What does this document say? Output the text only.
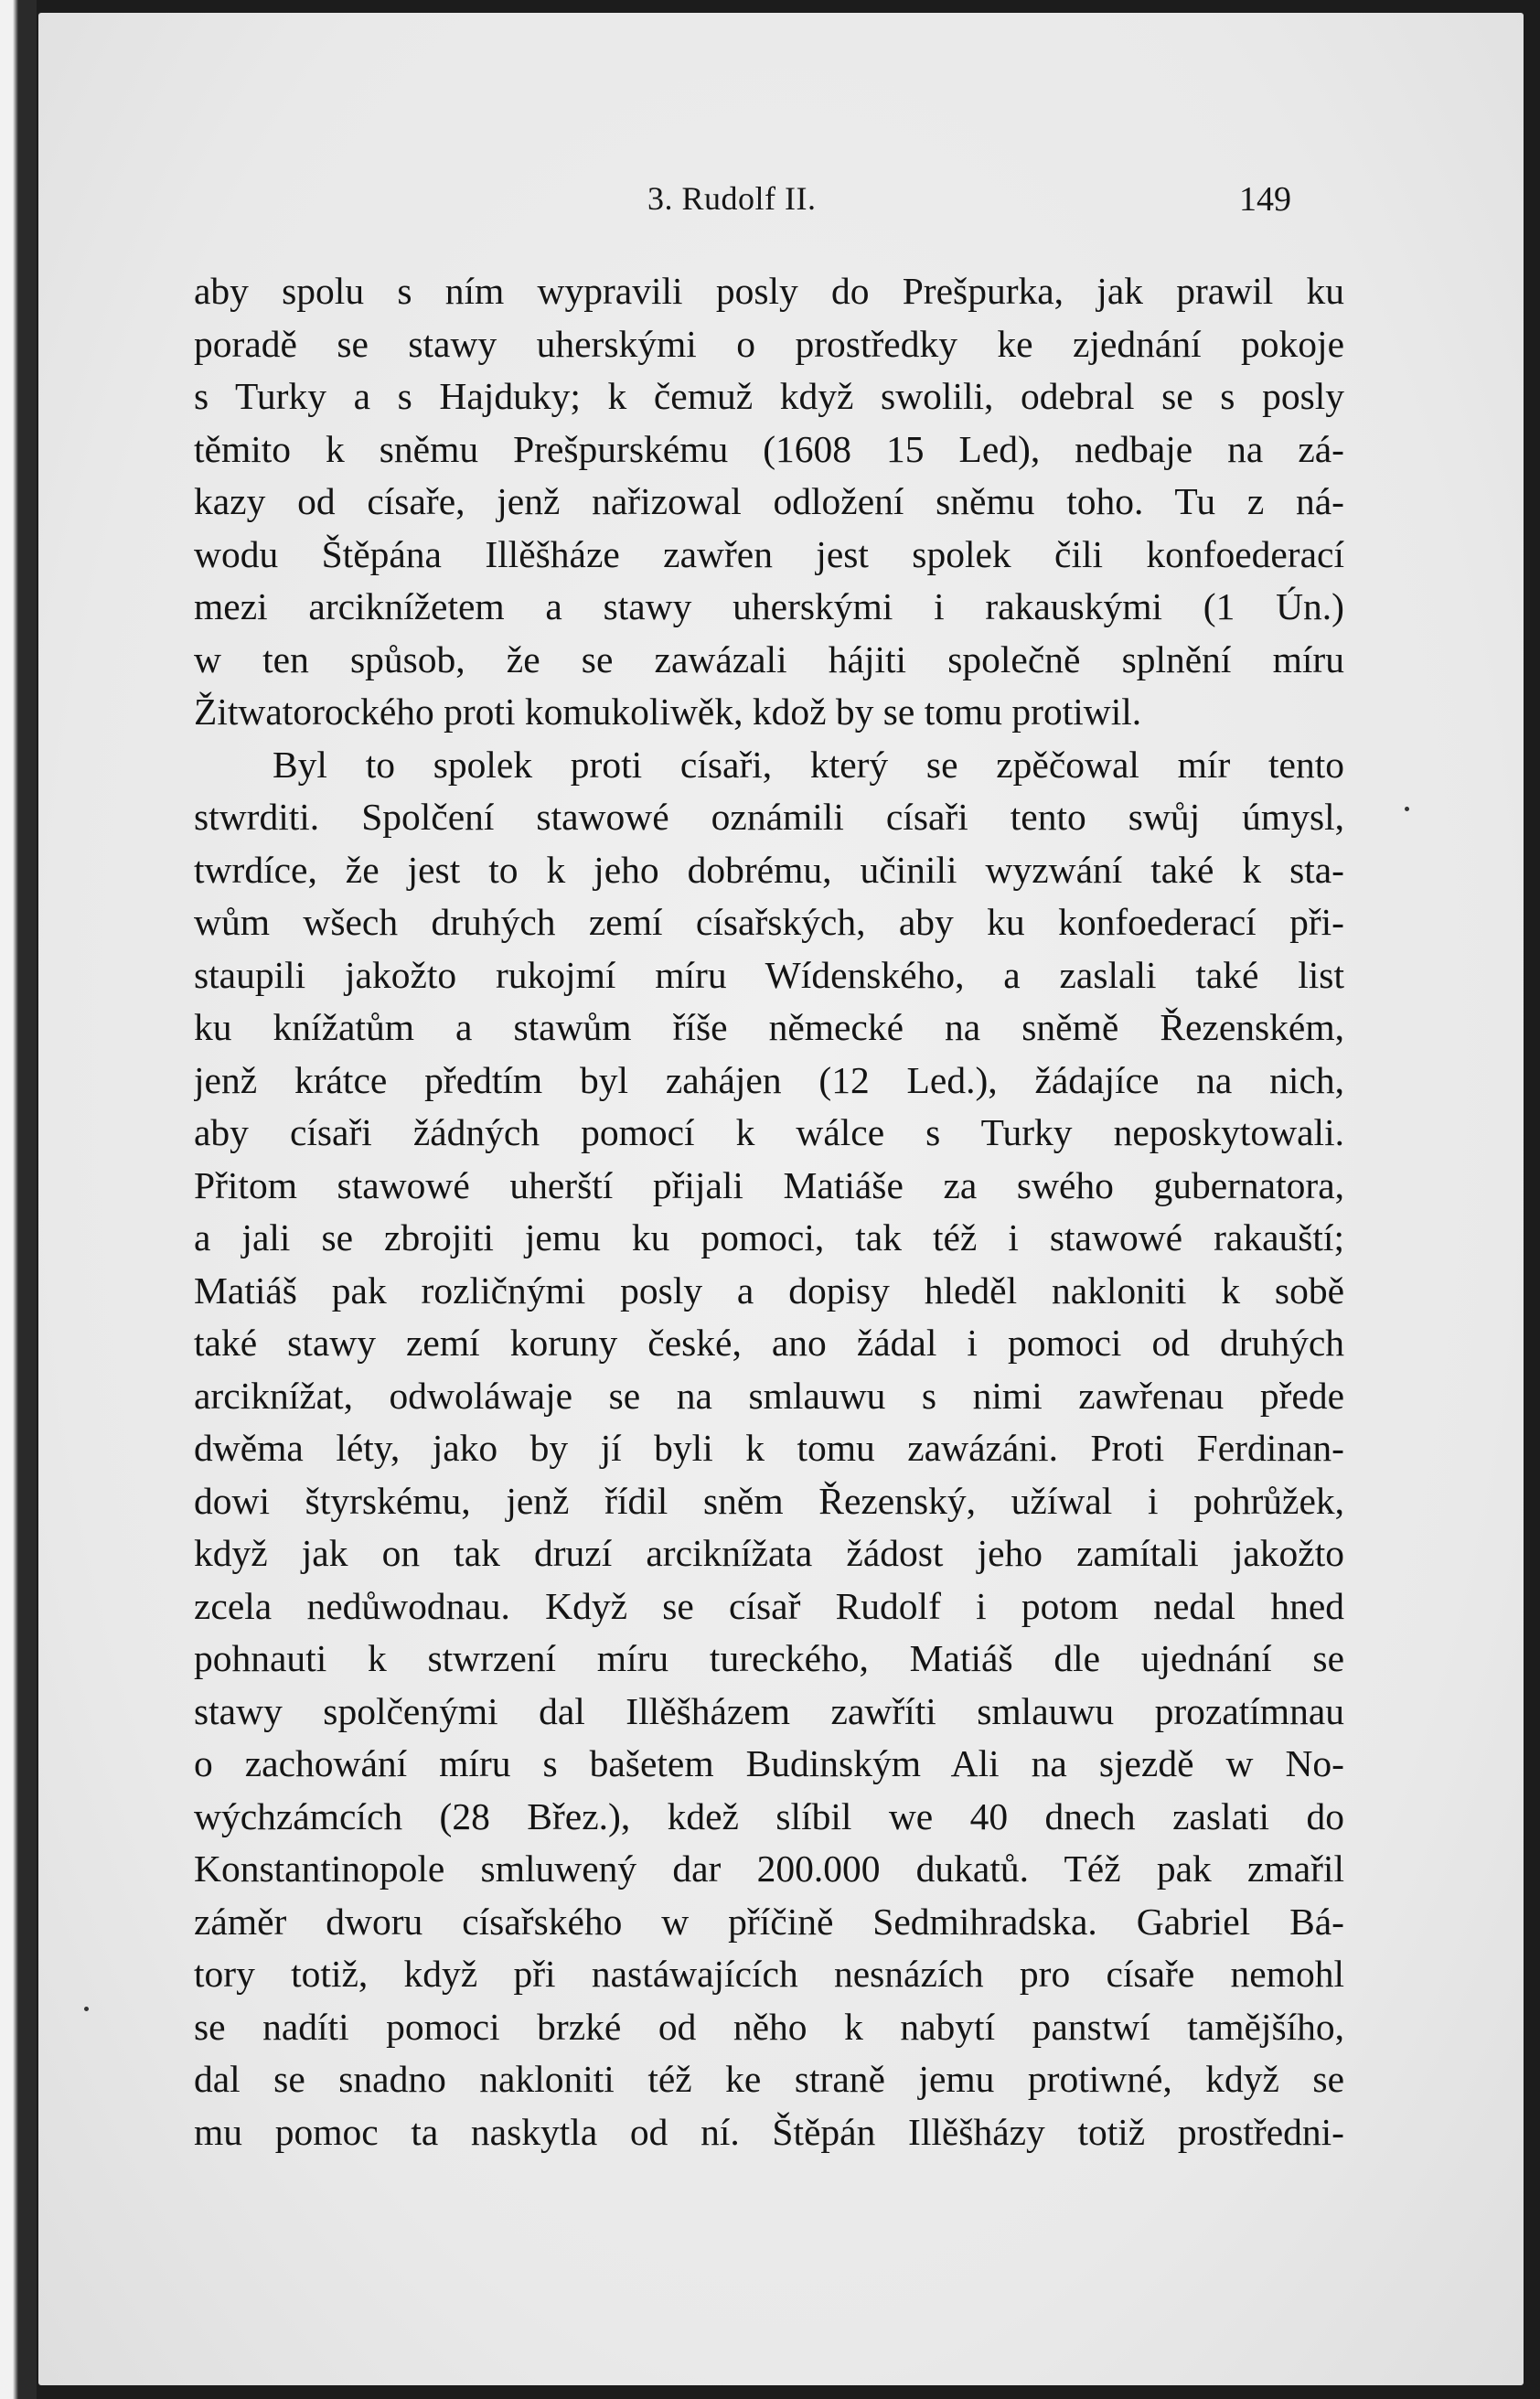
3. Rudolf II.	149
aby spolu s ním wypravili posly do Prešpurka, jak prawil ku
poradě se stawy uherskými o prostředky ke zjednání pokoje
s Turky a s Hajduky; k čemuž když swolili, odebral se s posly
těmito k sněmu Prešpurskému (1608 15 Led), nedbaje na zá-
kazy od císaře, jenž nařizowal odložení sněmu toho. Tu z ná-
wodu Štěpána Illěšháze zawřen jest spolek čili konfoederací
mezi arciknížetem a stawy uherskými i rakauskými (1 Ún.)
w ten spůsob, že se zawázali hájiti společně splnění míru
Žitwatorockého proti komukoliwěk, kdož by se tomu protiwil.
Byl to spolek proti císaři, který se zpěčowal mír tento
stwrditi. Spolčení stawowé oznámili císaři tento swůj úmysl,
twrdíce, že jest to k jeho dobrému, učinili wyzwání také k sta-
wům wšech druhých zemí císařských, aby ku konfoederací při-
staupili jakožto rukojmí míru Wídenského, a zaslali také list
ku knížatům a stawům říše německé na sněmě Řezenském,
jenž krátce předtím byl zahájen (12 Led.), žádajíce na nich,
aby císaři žádných pomocí k wálce s Turky neposkytowali.
Přitom stawowé uherští přijali Matiáše za swého gubernatora,
a jali se zbrojiti jemu ku pomoci, tak též i stawowé rakauští;
Matiáš pak rozličnými posly a dopisy hleděl nakloniti k sobě
také stawy zemí koruny české, ano žádal i pomoci od druhých
arciknížat, odwoláwaje se na smlauwu s nimi zawřenau přede
dwěma léty, jako by jí byli k tomu zawázáni. Proti Ferdinan-
dowi štyrskému, jenž řídil sněm Řezenský, užíwal i pohrůžek,
když jak on tak druzí arciknížata žádost jeho zamítali jakožto
zcela nedůwodnau. Když se císař Rudolf i potom nedal hned
pohnauti k stwrzení míru tureckého, Matiáš dle ujednání se
stawy spolčenými dal Illěšházem zawříti smlauwu prozatímnau
o zachowání míru s bašetem Budinským Ali na sjezdě w No-
wýchzámcích (28 Břez.), kdež slíbil we 40 dnech zaslati do
Konstantinopole smluwený dar 200.000 dukatů. Též pak zmařil
záměr dworu císařského w příčině Sedmihradska. Gabriel Bá-
tory totiž, když při nastáwajících nesnázích pro císaře nemohl
se nadíti pomoci brzké od něho k nabytí panstwí tamějšího,
dal se snadno nakloniti též ke straně jemu protiwné, když se
mu pomoc ta naskytla od ní. Štěpán Illěšházy totiž prostředni-
